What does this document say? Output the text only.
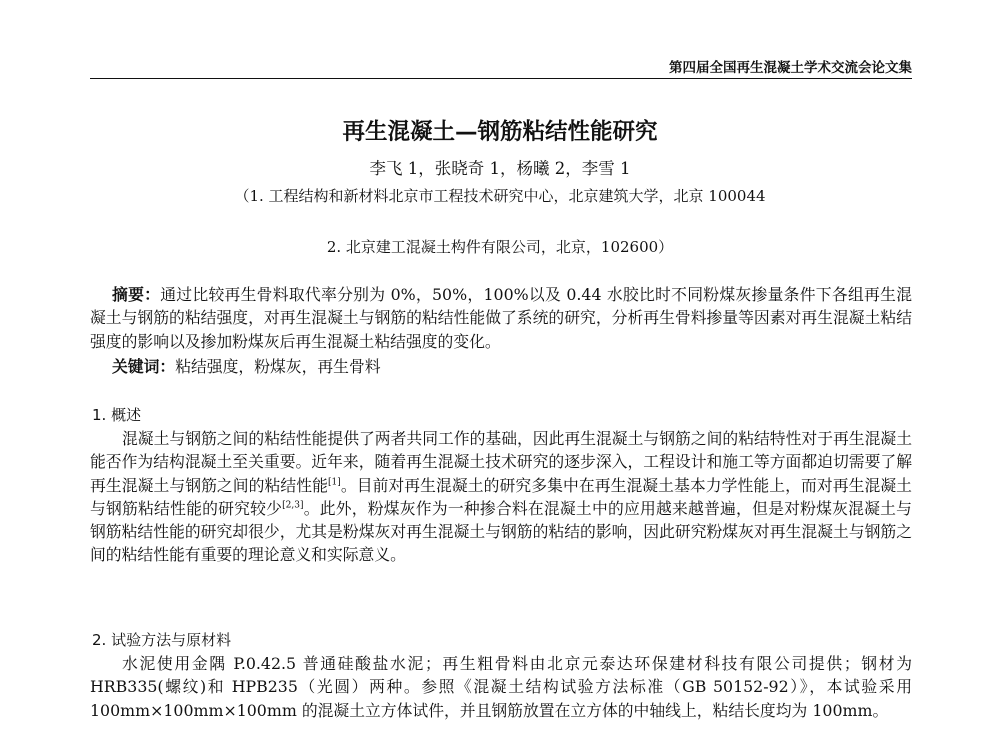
第四届全国再生混凝土学术交流会论文集
再生混凝土—钢筋粘结性能研究
李飞 1，张晓奇 1，杨曦 2，李雪 1
（1. 工程结构和新材料北京市工程技术研究中心，北京建筑大学，北京 100044
2. 北京建工混凝土构件有限公司，北京，102600）

摘要：通过比较再生骨料取代率分别为 0%，50%，100%以及 0.44 水胶比时不同粉煤灰掺量条件下各组再生混凝土与钢筋的粘结强度，对再生混凝土与钢筋的粘结性能做了系统的研究，分析再生骨料掺量等因素对再生混凝土粘结强度的影响以及掺加粉煤灰后再生混凝土粘结强度的变化。

关键词：粘结强度，粉煤灰，再生骨料

1. 概述

混凝土与钢筋之间的粘结性能提供了两者共同工作的基础，因此再生混凝土与钢筋之间的粘结特性对于再生混凝土能否作为结构混凝土至关重要。近年来，随着再生混凝土技术研究的逐步深入，工程设计和施工等方面都迫切需要了解再生混凝土与钢筋之间的粘结性能[1]。目前对再生混凝土的研究多集中在再生混凝土基本力学性能上，而对再生混凝土与钢筋粘结性能的研究较少[2,3]。此外，粉煤灰作为一种掺合料在混凝土中的应用越来越普遍，但是对粉煤灰混凝土与钢筋粘结性能的研究却很少，尤其是粉煤灰对再生混凝土与钢筋的粘结的影响，因此研究粉煤灰对再生混凝土与钢筋之间的粘结性能有重要的理论意义和实际意义。

2. 试验方法与原材料

水泥使用金隅 P.0.42.5 普通硅酸盐水泥；再生粗骨料由北京元泰达环保建材科技有限公司提供；钢材为 HRB335(螺纹)和 HPB235（光圆）两种。参照《混凝土结构试验方法标准（GB 50152-92）》，本试验采用 100mm×100mm×100mm 的混凝土立方体试件，并且钢筋放置在立方体的中轴线上，粘结长度均为 100mm。
